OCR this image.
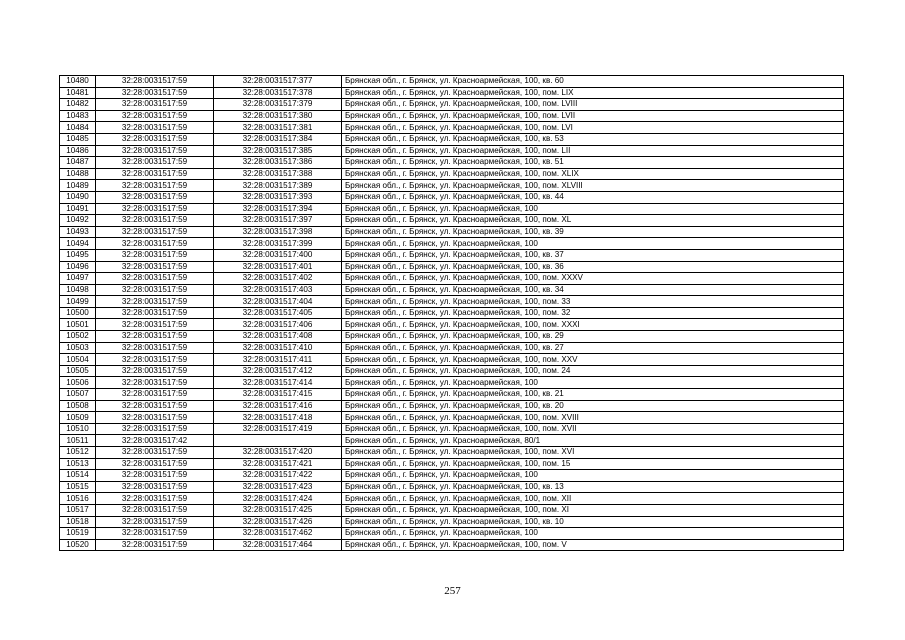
10480	32:28:0031517:59	32:28:0031517:377	Брянская обл., г. Брянск, ул. Красноармейская, 100, кв. 60
10481	32:28:0031517:59	32:28:0031517:378	Брянская обл., г. Брянск, ул. Красноармейская, 100, пом. LIX
10482	32:28:0031517:59	32:28:0031517:379	Брянская обл., г. Брянск, ул. Красноармейская, 100, пом. LVIII
10483	32:28:0031517:59	32:28:0031517:380	Брянская обл., г. Брянск, ул. Красноармейская, 100, пом. LVII
10484	32:28:0031517:59	32:28:0031517:381	Брянская обл., г. Брянск, ул. Красноармейская, 100, пом. LVI
10485	32:28:0031517:59	32:28:0031517:384	Брянская обл., г. Брянск, ул. Красноармейская, 100, кв. 53
10486	32:28:0031517:59	32:28:0031517:385	Брянская обл., г. Брянск, ул. Красноармейская, 100, пом. LII
10487	32:28:0031517:59	32:28:0031517:386	Брянская обл., г. Брянск, ул. Красноармейская, 100, кв. 51
10488	32:28:0031517:59	32:28:0031517:388	Брянская обл., г. Брянск, ул. Красноармейская, 100, пом. XLIX
10489	32:28:0031517:59	32:28:0031517:389	Брянская обл., г. Брянск, ул. Красноармейская, 100, пом. XLVIII
10490	32:28:0031517:59	32:28:0031517:393	Брянская обл., г. Брянск, ул. Красноармейская, 100, кв. 44
10491	32:28:0031517:59	32:28:0031517:394	Брянская обл., г. Брянск, ул. Красноармейская, 100
10492	32:28:0031517:59	32:28:0031517:397	Брянская обл., г. Брянск, ул. Красноармейская, 100, пом. XL
10493	32:28:0031517:59	32:28:0031517:398	Брянская обл., г. Брянск, ул. Красноармейская, 100, кв. 39
10494	32:28:0031517:59	32:28:0031517:399	Брянская обл., г. Брянск, ул. Красноармейская, 100
10495	32:28:0031517:59	32:28:0031517:400	Брянская обл., г. Брянск, ул. Красноармейская, 100, кв. 37
10496	32:28:0031517:59	32:28:0031517:401	Брянская обл., г. Брянск, ул. Красноармейская, 100, кв. 36
10497	32:28:0031517:59	32:28:0031517:402	Брянская обл., г. Брянск, ул. Красноармейская, 100, пом. XXXV
10498	32:28:0031517:59	32:28:0031517:403	Брянская обл., г. Брянск, ул. Красноармейская, 100, кв. 34
10499	32:28:0031517:59	32:28:0031517:404	Брянская обл., г. Брянск, ул. Красноармейская, 100, пом. 33
10500	32:28:0031517:59	32:28:0031517:405	Брянская обл., г. Брянск, ул. Красноармейская, 100, пом. 32
10501	32:28:0031517:59	32:28:0031517:406	Брянская обл., г. Брянск, ул. Красноармейская, 100, пом. XXXI
10502	32:28:0031517:59	32:28:0031517:408	Брянская обл., г. Брянск, ул. Красноармейская, 100, кв. 29
10503	32:28:0031517:59	32:28:0031517:410	Брянская обл., г. Брянск, ул. Красноармейская, 100, кв. 27
10504	32:28:0031517:59	32:28:0031517:411	Брянская обл., г. Брянск, ул. Красноармейская, 100, пом. XXV
10505	32:28:0031517:59	32:28:0031517:412	Брянская обл., г. Брянск, ул. Красноармейская, 100, пом. 24
10506	32:28:0031517:59	32:28:0031517:414	Брянская обл., г. Брянск, ул. Красноармейская, 100
10507	32:28:0031517:59	32:28:0031517:415	Брянская обл., г. Брянск, ул. Красноармейская, 100, кв. 21
10508	32:28:0031517:59	32:28:0031517:416	Брянская обл., г. Брянск, ул. Красноармейская, 100, кв. 20
10509	32:28:0031517:59	32:28:0031517:418	Брянская обл., г. Брянск, ул. Красноармейская, 100, пом. XVIII
10510	32:28:0031517:59	32:28:0031517:419	Брянская обл., г. Брянск, ул. Красноармейская, 100, пом. XVII
10511	32:28:0031517:42		Брянская обл., г. Брянск, ул. Красноармейская, 80/1
10512	32:28:0031517:59	32:28:0031517:420	Брянская обл., г. Брянск, ул. Красноармейская, 100, пом. XVI
10513	32:28:0031517:59	32:28:0031517:421	Брянская обл., г. Брянск, ул. Красноармейская, 100, пом. 15
10514	32:28:0031517:59	32:28:0031517:422	Брянская обл., г. Брянск, ул. Красноармейская, 100
10515	32:28:0031517:59	32:28:0031517:423	Брянская обл., г. Брянск, ул. Красноармейская, 100, кв. 13
10516	32:28:0031517:59	32:28:0031517:424	Брянская обл., г. Брянск, ул. Красноармейская, 100, пом. XII
10517	32:28:0031517:59	32:28:0031517:425	Брянская обл., г. Брянск, ул. Красноармейская, 100, пом. XI
10518	32:28:0031517:59	32:28:0031517:426	Брянская обл., г. Брянск, ул. Красноармейская, 100, кв. 10
10519	32:28:0031517:59	32:28:0031517:462	Брянская обл., г. Брянск, ул. Красноармейская, 100
10520	32:28:0031517:59	32:28:0031517:464	Брянская обл., г. Брянск, ул. Красноармейская, 100, пом. V
257
